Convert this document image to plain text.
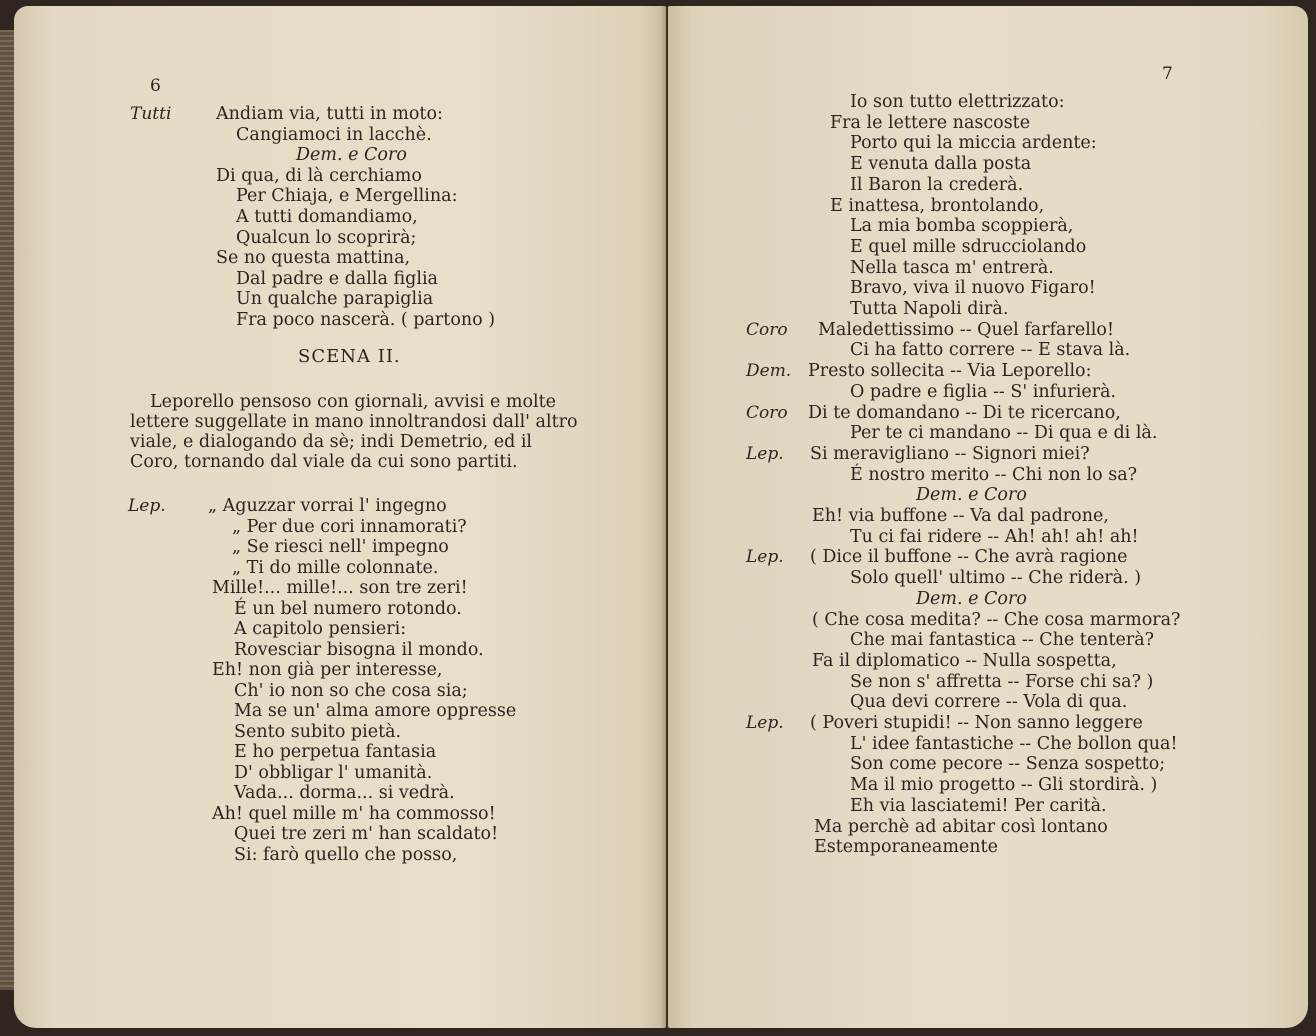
6
Tutti	Andiam via, tutti in moto:
Cangiamoci in lacchè.
Dem. e Coro
Di qua, di là cerchiamo
Per Chiaja, e Mergellina:
A tutti domandiamo,
Qualcun lo scoprirà;
Se no questa mattina,
Dal padre e dalla figlia
Un qualche parapiglia
Fra poco nascerà. ( partono )
SCENA II.
Leporello pensoso con giornali, avvisi e molte
lettere suggellate in mano innoltrandosi dall' altro
viale, e dialogando da sè; indi Demetrio, ed il
Coro, tornando dal viale da cui sono partiti.
Lep. „ Aguzzar vorrai l' ingegno
„ Per due cori innamorati?
„ Se riesci nell' impegno
„ Ti do mille colonnate.
Mille!... mille!... son tre zeri!
É un bel numero rotondo.
A capitolo pensieri:
Rovesciar bisogna il mondo.
Eh! non già per interesse,
Ch' io non so che cosa sia;
Ma se un' alma amore oppresse
Sento subito pietà.
E ho perpetua fantasia
D' obbligar l' umanità.
Vada... dorma... si vedrà.
Ah! quel mille m' ha commosso!
Quei tre zeri m' han scaldato!
Si: farò quello che posso,
7
Io son tutto elettrizzato:
Fra le lettere nascoste
Porto qui la miccia ardente:
E venuta dalla posta
Il Baron la crederà.
E inattesa, brontolando,
La mia bomba scoppierà,
E quel mille sdrucciolando
Nella tasca m' entrerà.
Bravo, viva il nuovo Figaro!
Tutta Napoli dirà.
Coro Maledettissimo -- Quel farfarello!
Ci ha fatto correre -- E stava là.
Dem. Presto sollecita -- Via Leporello:
O padre e figlia -- S' infurierà.
Coro Di te domandano -- Di te ricercano,
Per te ci mandano -- Di qua e di là.
Lep. Si meravigliano -- Signori miei?
É nostro merito -- Chi non lo sa?
Dem. e Coro
Eh! via buffone -- Va dal padrone,
Tu ci fai ridere -- Ah! ah! ah! ah!
Lep. ( Dice il buffone -- Che avrà ragione
Solo quell' ultimo -- Che riderà. )
Dem. e Coro
( Che cosa medita? -- Che cosa marmora?
Che mai fantastica -- Che tenterà?
Fa il diplomatico -- Nulla sospetta,
Se non s' affretta -- Forse chi sa? )
Qua devi correre -- Vola di qua.
Lep. ( Poveri stupidi! -- Non sanno leggere
L' idee fantastiche -- Che bollon qua!
Son come pecore -- Senza sospetto;
Ma il mio progetto -- Gli stordirà. )
Eh via lasciatemi! Per carità.
Ma perchè ad abitar così lontano
Estemporaneamente
